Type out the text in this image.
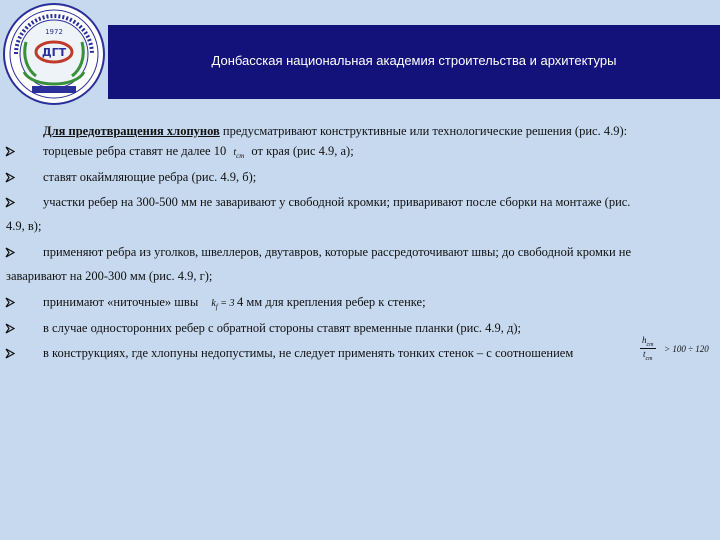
Донбасская национальная академия строительства и архитектуры
ДГТ
1972
Для предотвращения хлопунов предусматривают конструктивные или технологические решения (рис. 4.9):
торцевые ребра ставят не далее 10 $t_{ст}$ от края (рис 4.9, а);
ставят окаймляющие ребра (рис. 4.9, б);
участки ребер на 300-500 мм не заваривают у свободной кромки; приваривают после сборки на монтаже (рис.
4.9, в);
применяют ребра из уголков, швеллеров, двутавров, которые рассредоточивают швы; до свободной кромки не
заваривают на 200-300 мм (рис. 4.9, г);
принимают «ниточные» швы $k_f = 3$ 4 мм для крепления ребер к стенке;
в случае односторонних ребер с обратной стороны ставят временные планки (рис. 4.9, д);
в конструкциях, где хлопуны недопустимы, не следует применять тонких стенок – с соотношением
$h_{ст}$
$t_{ст}$
> 100 ÷ 120
